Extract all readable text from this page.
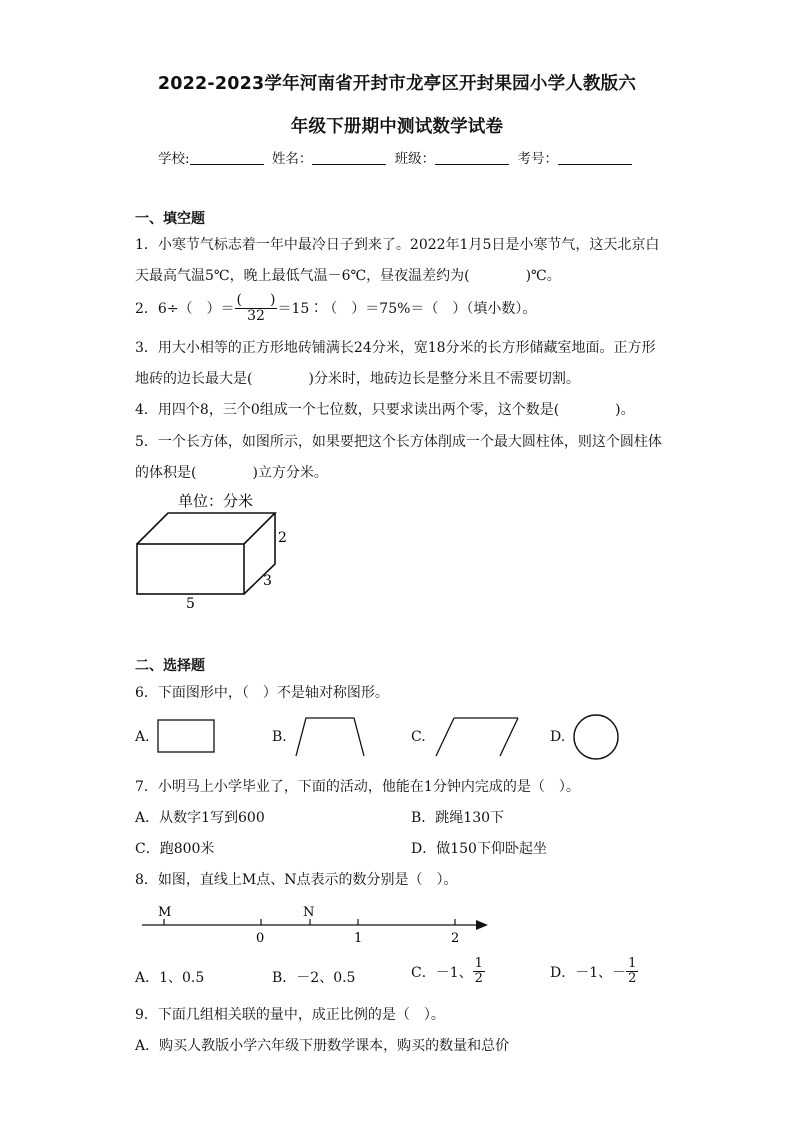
2022-2023学年河南省开封市龙亭区开封果园小学人教版六
年级下册期中测试数学试卷
学校:	姓名：	班级：	考号：
一、填空题
1．小寒节气标志着一年中最冷日子到来了。2022年1月5日是小寒节气，这天北京白
天最高气温5℃，晚上最低气温－6℃，昼夜温差约为(　　　　)℃。
2．6÷（　）＝ $\frac{( )}{32}$ ＝15∶（　）＝75%＝（　）（填小数）。
3．用大小相等的正方形地砖铺满长24分米，宽18分米的长方形储藏室地面。正方形
地砖的边长最大是(　　　　)分米时，地砖边长是整分米且不需要切割。
4．用四个8，三个0组成一个七位数，只要求读出两个零，这个数是(　　　　)。
5．一个长方体，如图所示，如果要把这个长方体削成一个最大圆柱体，则这个圆柱体
的体积是(　　　　)立方分米。
单位：分米
2
3
5
二、选择题
6．下面图形中，（　）不是轴对称图形。
A.	B.	C.	D.
7．小明马上小学毕业了，下面的活动，他能在1分钟内完成的是（　）。
A．从数字1写到600	B．跳绳130下
C．跑800米	D．做150下仰卧起坐
8．如图，直线上M点、N点表示的数分别是（　）。
M	N
0	1	2
A．1、0.5	B．－2、0.5	C．－1、 $\frac{1}{2}$	D．－1、－ $\frac{1}{2}$
9．下面几组相关联的量中，成正比例的是（　）。
A．购买人教版小学六年级下册数学课本，购买的数量和总价
